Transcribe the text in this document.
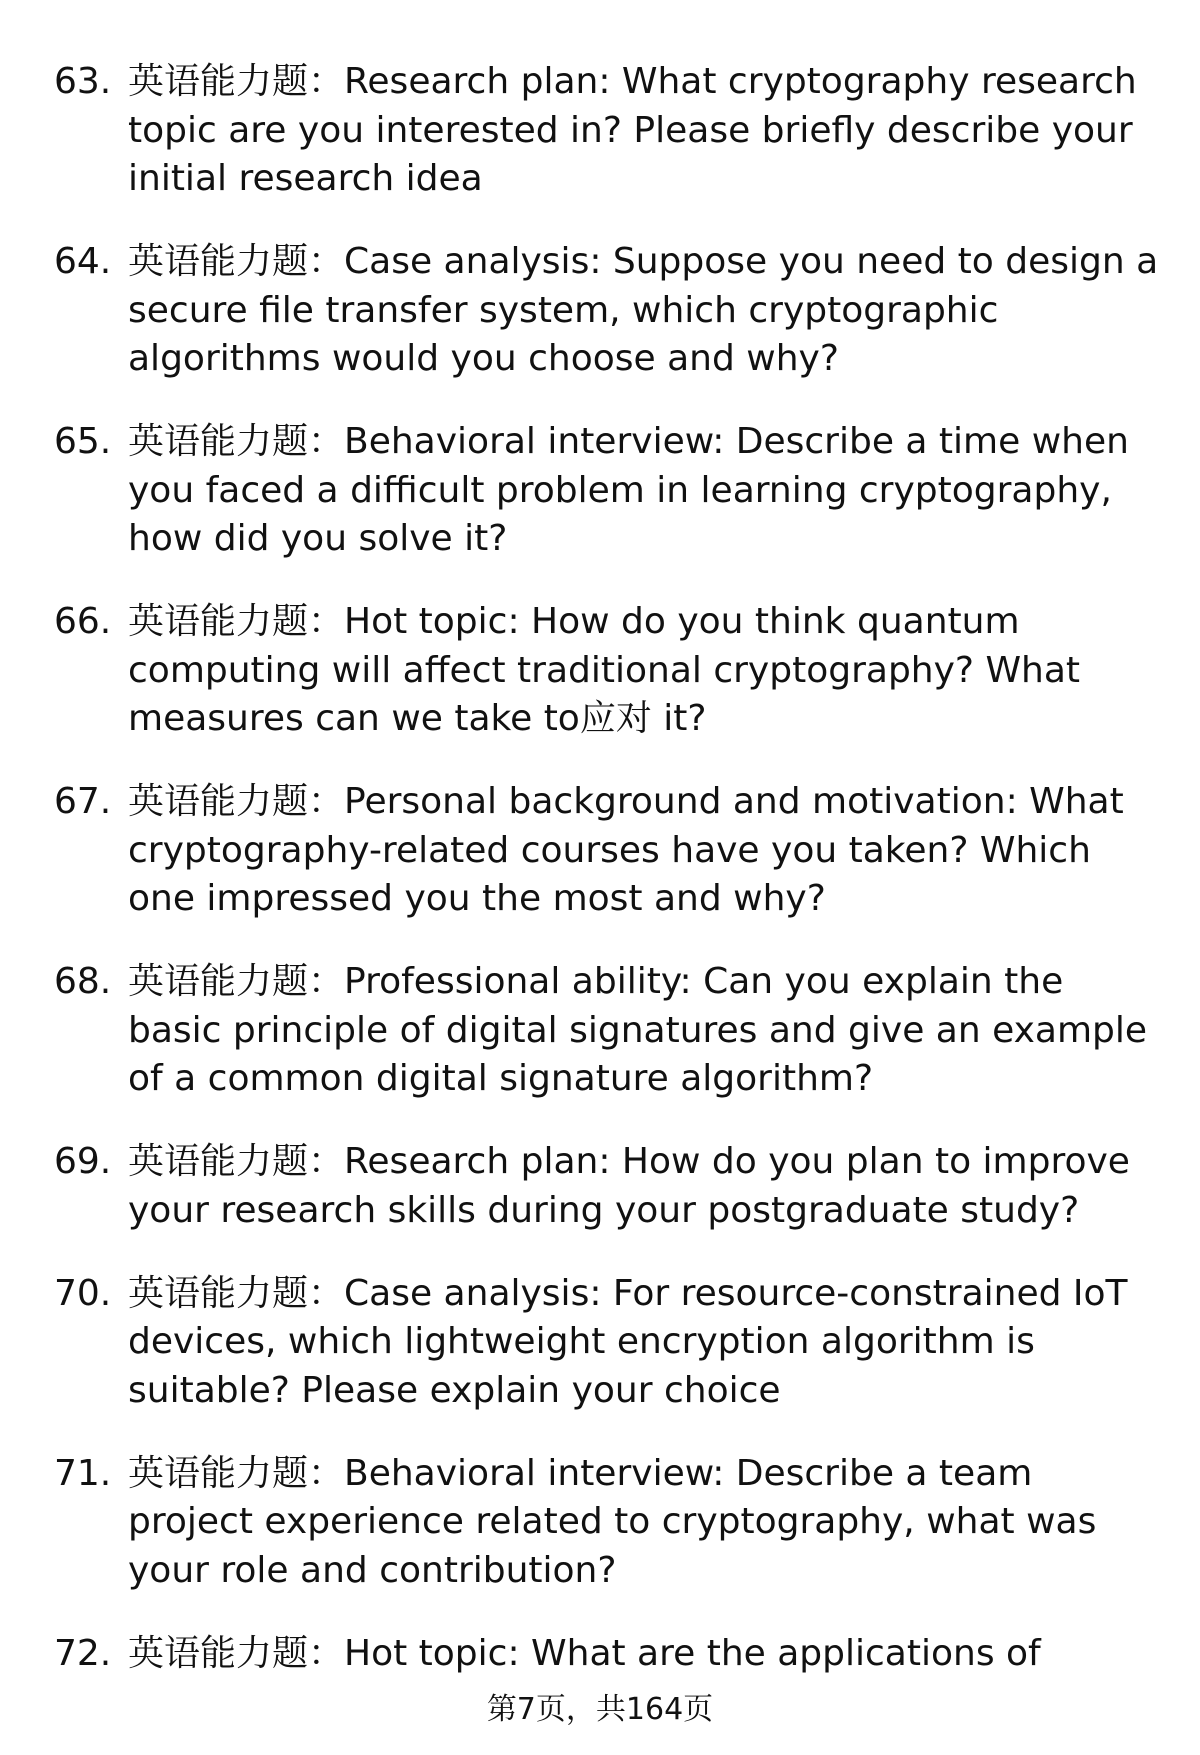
63. 英语能力题：Research plan: What cryptography research topic are you interested in? Please briefly describe your initial research idea
64. 英语能力题：Case analysis: Suppose you need to design a secure file transfer system, which cryptographic algorithms would you choose and why?
65. 英语能力题：Behavioral interview: Describe a time when you faced a difficult problem in learning cryptography, how did you solve it?
66. 英语能力题：Hot topic: How do you think quantum computing will affect traditional cryptography? What measures can we take to应对 it?
67. 英语能力题：Personal background and motivation: What cryptography-related courses have you taken? Which one impressed you the most and why?
68. 英语能力题：Professional ability: Can you explain the basic principle of digital signatures and give an example of a common digital signature algorithm?
69. 英语能力题：Research plan: How do you plan to improve your research skills during your postgraduate study?
70. 英语能力题：Case analysis: For resource-constrained IoT devices, which lightweight encryption algorithm is suitable? Please explain your choice
71. 英语能力题：Behavioral interview: Describe a team project experience related to cryptography, what was your role and contribution?
72. 英语能力题：Hot topic: What are the applications of
第7页，共164页
